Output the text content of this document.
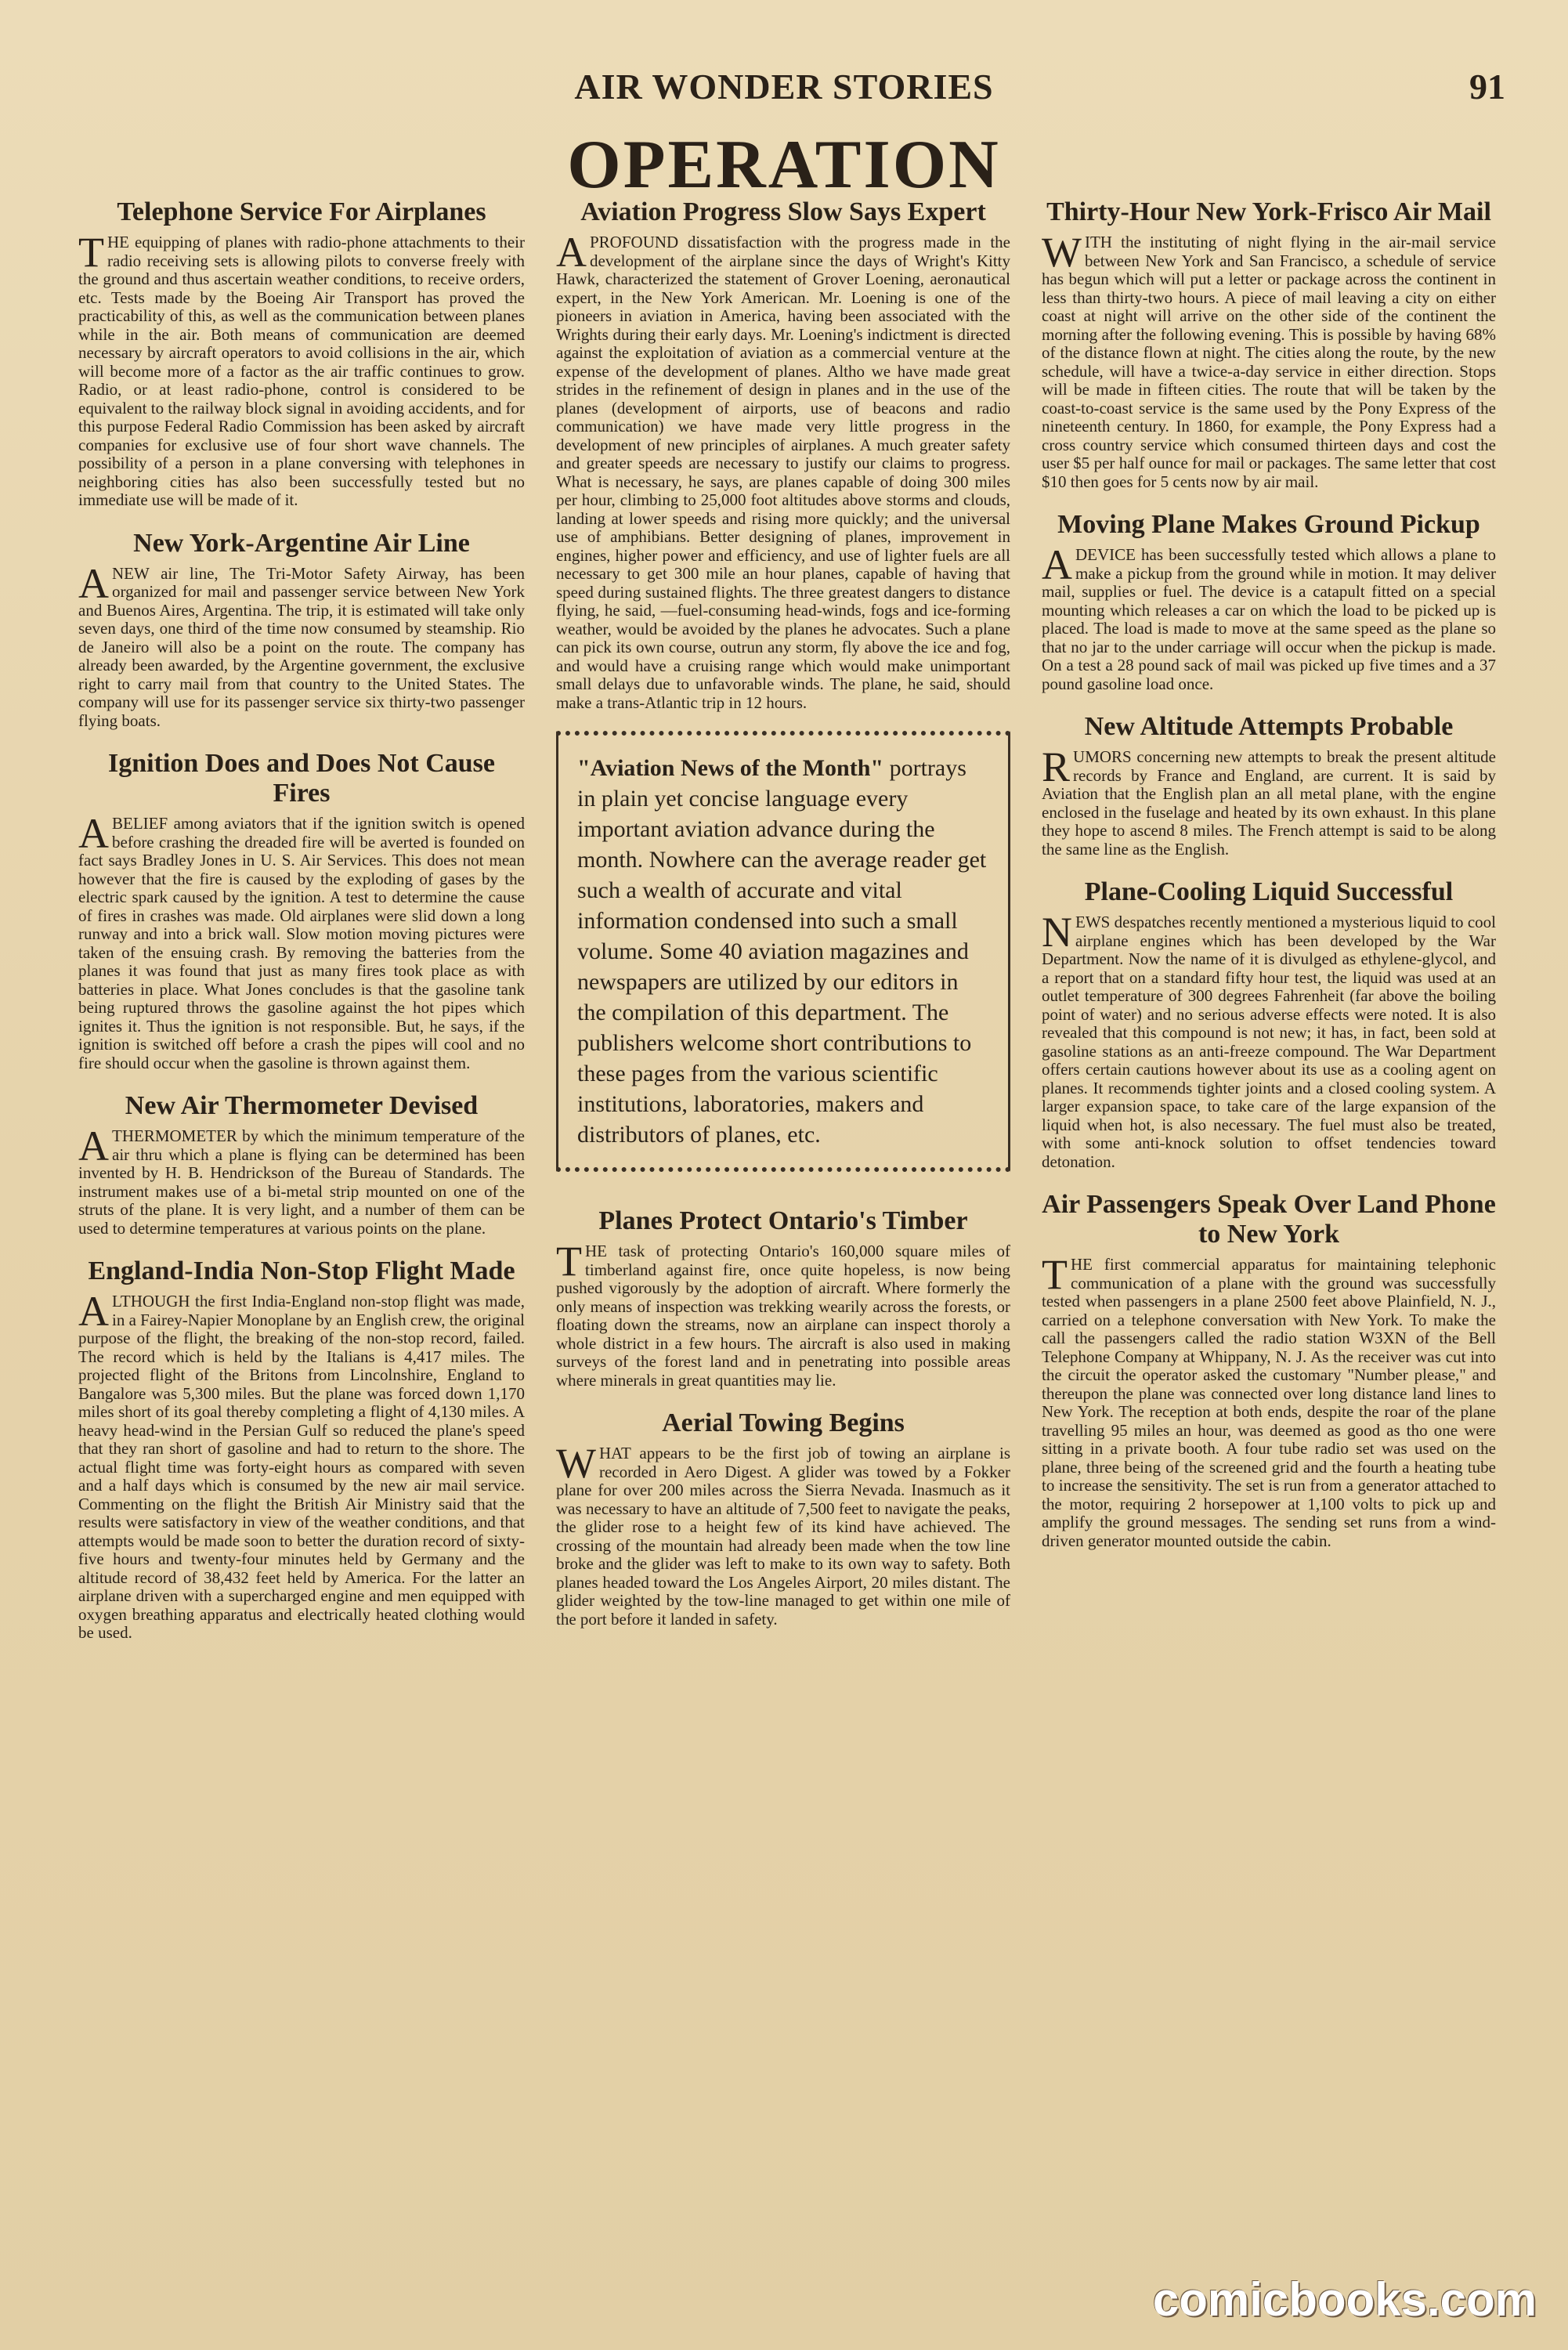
AIR WONDER STORIES	91
OPERATION
Telephone Service For Airplanes

THE equipping of planes with radio-phone attachments to their radio receiving sets is allowing pilots to converse freely with the ground and thus ascertain weather conditions, to receive orders, etc. Tests made by the Boeing Air Transport has proved the practicability of this, as well as the communication between planes while in the air. Both means of communication are deemed necessary by aircraft operators to avoid collisions in the air, which will become more of a factor as the air traffic continues to grow. Radio, or at least radio-phone, control is considered to be equivalent to the railway block signal in avoiding accidents, and for this purpose Federal Radio Commission has been asked by aircraft companies for exclusive use of four short wave channels. The possibility of a person in a plane conversing with telephones in neighboring cities has also been successfully tested but no immediate use will be made of it.

New York-Argentine Air Line

A NEW air line, The Tri-Motor Safety Airway, has been organized for mail and passenger service between New York and Buenos Aires, Argentina. The trip, it is estimated will take only seven days, one third of the time now consumed by steamship. Rio de Janeiro will also be a point on the route. The company has already been awarded, by the Argentine government, the exclusive right to carry mail from that country to the United States. The company will use for its passenger service six thirty-two passenger flying boats.

Ignition Does and Does Not Cause Fires

A BELIEF among aviators that if the ignition switch is opened before crashing the dreaded fire will be averted is founded on fact says Bradley Jones in U. S. Air Services. This does not mean however that the fire is caused by the exploding of gases by the electric spark caused by the ignition. A test to determine the cause of fires in crashes was made. Old airplanes were slid down a long runway and into a brick wall. Slow motion moving pictures were taken of the ensuing crash. By removing the batteries from the planes it was found that just as many fires took place as with batteries in place. What Jones concludes is that the gasoline tank being ruptured throws the gasoline against the hot pipes which ignites it. Thus the ignition is not responsible. But, he says, if the ignition is switched off before a crash the pipes will cool and no fire should occur when the gasoline is thrown against them.

New Air Thermometer Devised

A THERMOMETER by which the minimum temperature of the air thru which a plane is flying can be determined has been invented by H. B. Hendrickson of the Bureau of Standards. The instrument makes use of a bi-metal strip mounted on one of the struts of the plane. It is very light, and a number of them can be used to determine temperatures at various points on the plane.

England-India Non-Stop Flight Made

ALTHOUGH the first India-England non-stop flight was made, in a Fairey-Napier Monoplane by an English crew, the original purpose of the flight, the breaking of the non-stop record, failed. The record which is held by the Italians is 4,417 miles. The projected flight of the Britons from Lincolnshire, England to Bangalore was 5,300 miles. But the plane was forced down 1,170 miles short of its goal thereby completing a flight of 4,130 miles. A heavy head-wind in the Persian Gulf so reduced the plane's speed that they ran short of gasoline and had to return to the shore. The actual flight time was forty-eight hours as compared with seven and a half days which is consumed by the new air mail service. Commenting on the flight the British Air Ministry said that the results were satisfactory in view of the weather conditions, and that attempts would be made soon to better the duration record of sixty-five hours and twenty-four minutes held by Germany and the altitude record of 38,432 feet held by America. For the latter an airplane driven with a supercharged engine and men equipped with oxygen breathing apparatus and electrically heated clothing would be used.

Aviation Progress Slow Says Expert

A PROFOUND dissatisfaction with the progress made in the development of the airplane since the days of Wright's Kitty Hawk, characterized the statement of Grover Loening, aeronautical expert, in the New York American. Mr. Loening is one of the pioneers in aviation in America, having been associated with the Wrights during their early days. Mr. Loening's indictment is directed against the exploitation of aviation as a commercial venture at the expense of the development of planes. Altho we have made great strides in the refinement of design in planes and in the use of the planes (development of airports, use of beacons and radio communication) we have made very little progress in the development of new principles of airplanes. A much greater safety and greater speeds are necessary to justify our claims to progress. What is necessary, he says, are planes capable of doing 300 miles per hour, climbing to 25,000 foot altitudes above storms and clouds, landing at lower speeds and rising more quickly; and the universal use of amphibians. Better designing of planes, improvement in engines, higher power and efficiency, and use of lighter fuels are all necessary to get 300 mile an hour planes, capable of having that speed during sustained flights. The three greatest dangers to distance flying, he said, —fuel-consuming head-winds, fogs and ice-forming weather, would be avoided by the planes he advocates. Such a plane can pick its own course, outrun any storm, fly above the ice and fog, and would have a cruising range which would make unimportant small delays due to unfavorable winds. The plane, he said, should make a trans-Atlantic trip in 12 hours.

"Aviation News of the Month" portrays in plain yet concise language every important aviation advance during the month. Nowhere can the average reader get such a wealth of accurate and vital information condensed into such a small volume. Some 40 aviation magazines and newspapers are utilized by our editors in the compilation of this department. The publishers welcome short contributions to these pages from the various scientific institutions, laboratories, makers and distributors of planes, etc.

Planes Protect Ontario's Timber

THE task of protecting Ontario's 160,000 square miles of timberland against fire, once quite hopeless, is now being pushed vigorously by the adoption of aircraft. Where formerly the only means of inspection was trekking wearily across the forests, or floating down the streams, now an airplane can inspect thoroly a whole district in a few hours. The aircraft is also used in making surveys of the forest land and in penetrating into possible areas where minerals in great quantities may lie.

Aerial Towing Begins

WHAT appears to be the first job of towing an airplane is recorded in Aero Digest. A glider was towed by a Fokker plane for over 200 miles across the Sierra Nevada. Inasmuch as it was necessary to have an altitude of 7,500 feet to navigate the peaks, the glider rose to a height few of its kind have achieved. The crossing of the mountain had already been made when the tow line broke and the glider was left to make to its own way to safety. Both planes headed toward the Los Angeles Airport, 20 miles distant. The glider weighted by the tow-line managed to get within one mile of the port before it landed in safety.

Thirty-Hour New York-Frisco Air Mail

WITH the instituting of night flying in the air-mail service between New York and San Francisco, a schedule of service has begun which will put a letter or package across the continent in less than thirty-two hours. A piece of mail leaving a city on either coast at night will arrive on the other side of the continent the morning after the following evening. This is possible by having 68% of the distance flown at night. The cities along the route, by the new schedule, will have a twice-a-day service in either direction. Stops will be made in fifteen cities. The route that will be taken by the coast-to-coast service is the same used by the Pony Express of the nineteenth century. In 1860, for example, the Pony Express had a cross country service which consumed thirteen days and cost the user $5 per half ounce for mail or packages. The same letter that cost $10 then goes for 5 cents now by air mail.

Moving Plane Makes Ground Pickup

A DEVICE has been successfully tested which allows a plane to make a pickup from the ground while in motion. It may deliver mail, supplies or fuel. The device is a catapult fitted on a special mounting which releases a car on which the load to be picked up is placed. The load is made to move at the same speed as the plane so that no jar to the under carriage will occur when the pickup is made. On a test a 28 pound sack of mail was picked up five times and a 37 pound gasoline load once.

New Altitude Attempts Probable

RUMORS concerning new attempts to break the present altitude records by France and England, are current. It is said by Aviation that the English plan an all metal plane, with the engine enclosed in the fuselage and heated by its own exhaust. In this plane they hope to ascend 8 miles. The French attempt is said to be along the same line as the English.

Plane-Cooling Liquid Successful

NEWS despatches recently mentioned a mysterious liquid to cool airplane engines which has been developed by the War Department. Now the name of it is divulged as ethylene-glycol, and a report that on a standard fifty hour test, the liquid was used at an outlet temperature of 300 degrees Fahrenheit (far above the boiling point of water) and no serious adverse effects were noted. It is also revealed that this compound is not new; it has, in fact, been sold at gasoline stations as an anti-freeze compound. The War Department offers certain cautions however about its use as a cooling agent on planes. It recommends tighter joints and a closed cooling system. A larger expansion space, to take care of the large expansion of the liquid when hot, is also necessary. The fuel must also be treated, with some anti-knock solution to offset tendencies toward detonation.

Air Passengers Speak Over Land Phone to New York

THE first commercial apparatus for maintaining telephonic communication of a plane with the ground was successfully tested when passengers in a plane 2500 feet above Plainfield, N. J., carried on a telephone conversation with New York. To make the call the passengers called the radio station W3XN of the Bell Telephone Company at Whippany, N. J. As the receiver was cut into the circuit the operator asked the customary "Number please," and thereupon the plane was connected over long distance land lines to New York. The reception at both ends, despite the roar of the plane travelling 95 miles an hour, was deemed as good as tho one were sitting in a private booth. A four tube radio set was used on the plane, three being of the screened grid and the fourth a heating tube to increase the sensitivity. The set is run from a generator attached to the motor, requiring 2 horsepower at 1,100 volts to pick up and amplify the ground messages. The sending set runs from a wind-driven generator mounted outside the cabin.

comicbooks.com
